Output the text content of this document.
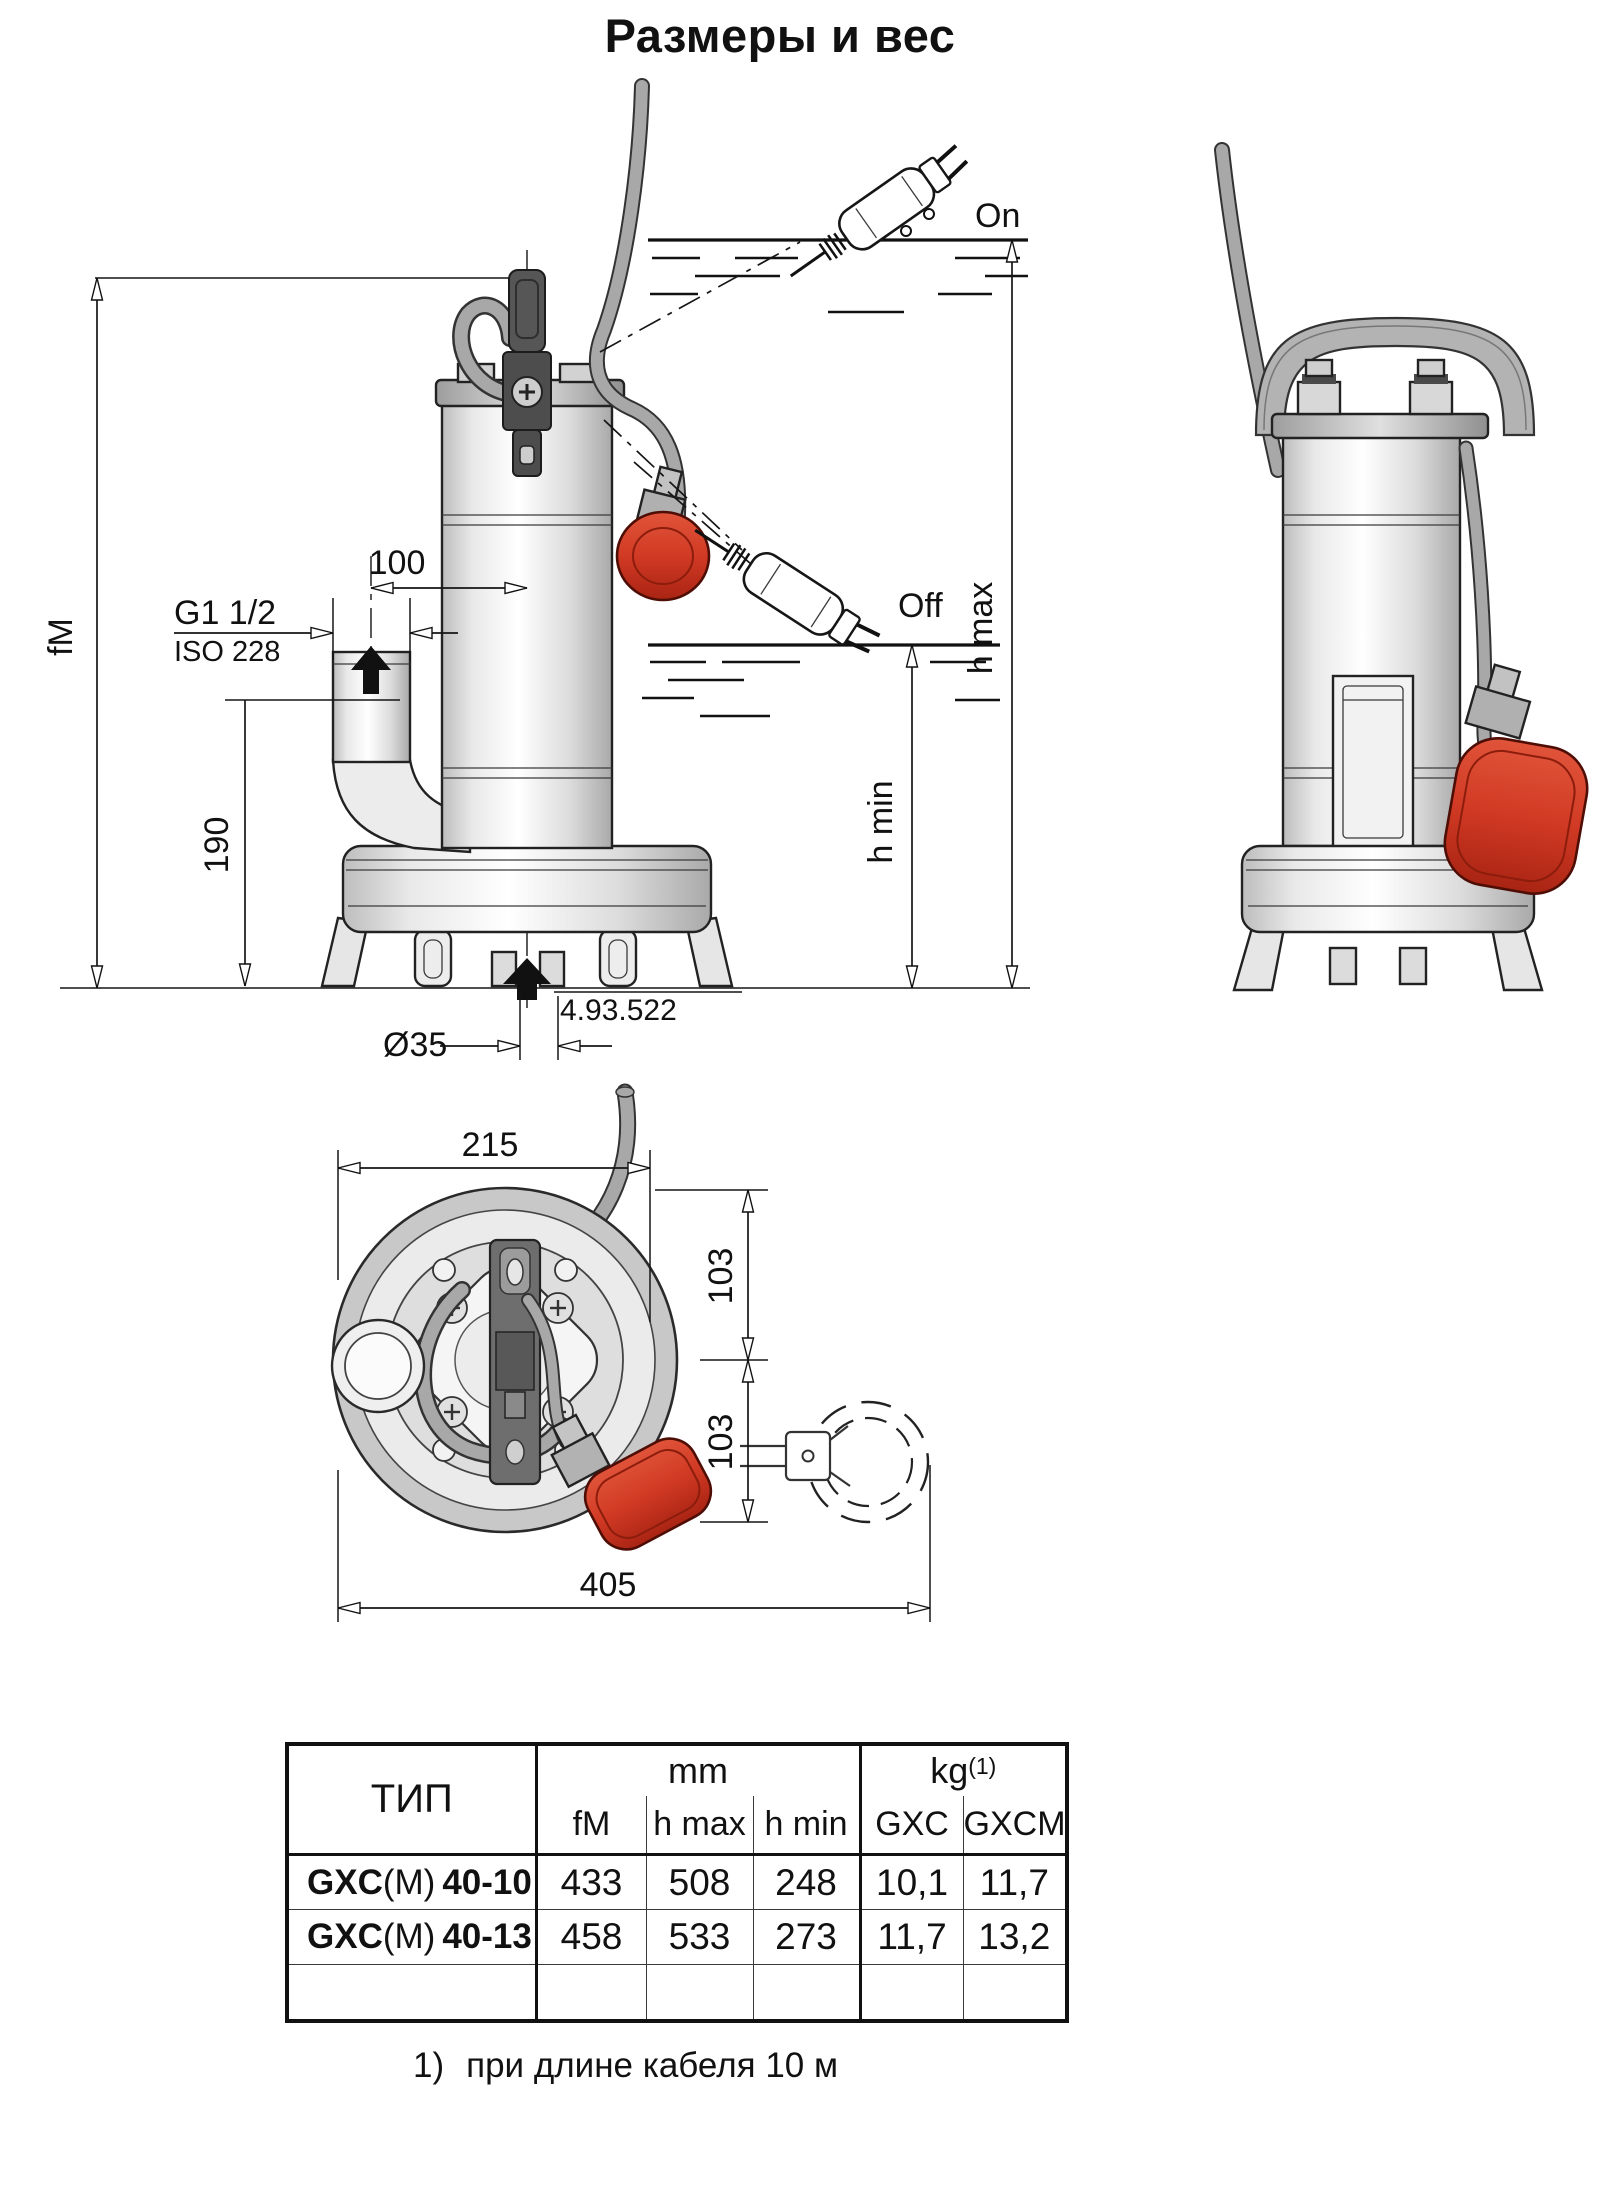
Размеры и вес
fM
100
G1 1/2
ISO 228
190
Ø35
4.93.522
On
Off h max
h min
215
103
103
405
ТИП	mm			$kg^{(1)}$
	fM	h max	h min	GXC	GXCM
GXC(M) 40-10	433	508	248	10,1	11,7
GXC(M) 40-13	458	533	273	11,7	13,2

1) при длине кабеля 10 м
